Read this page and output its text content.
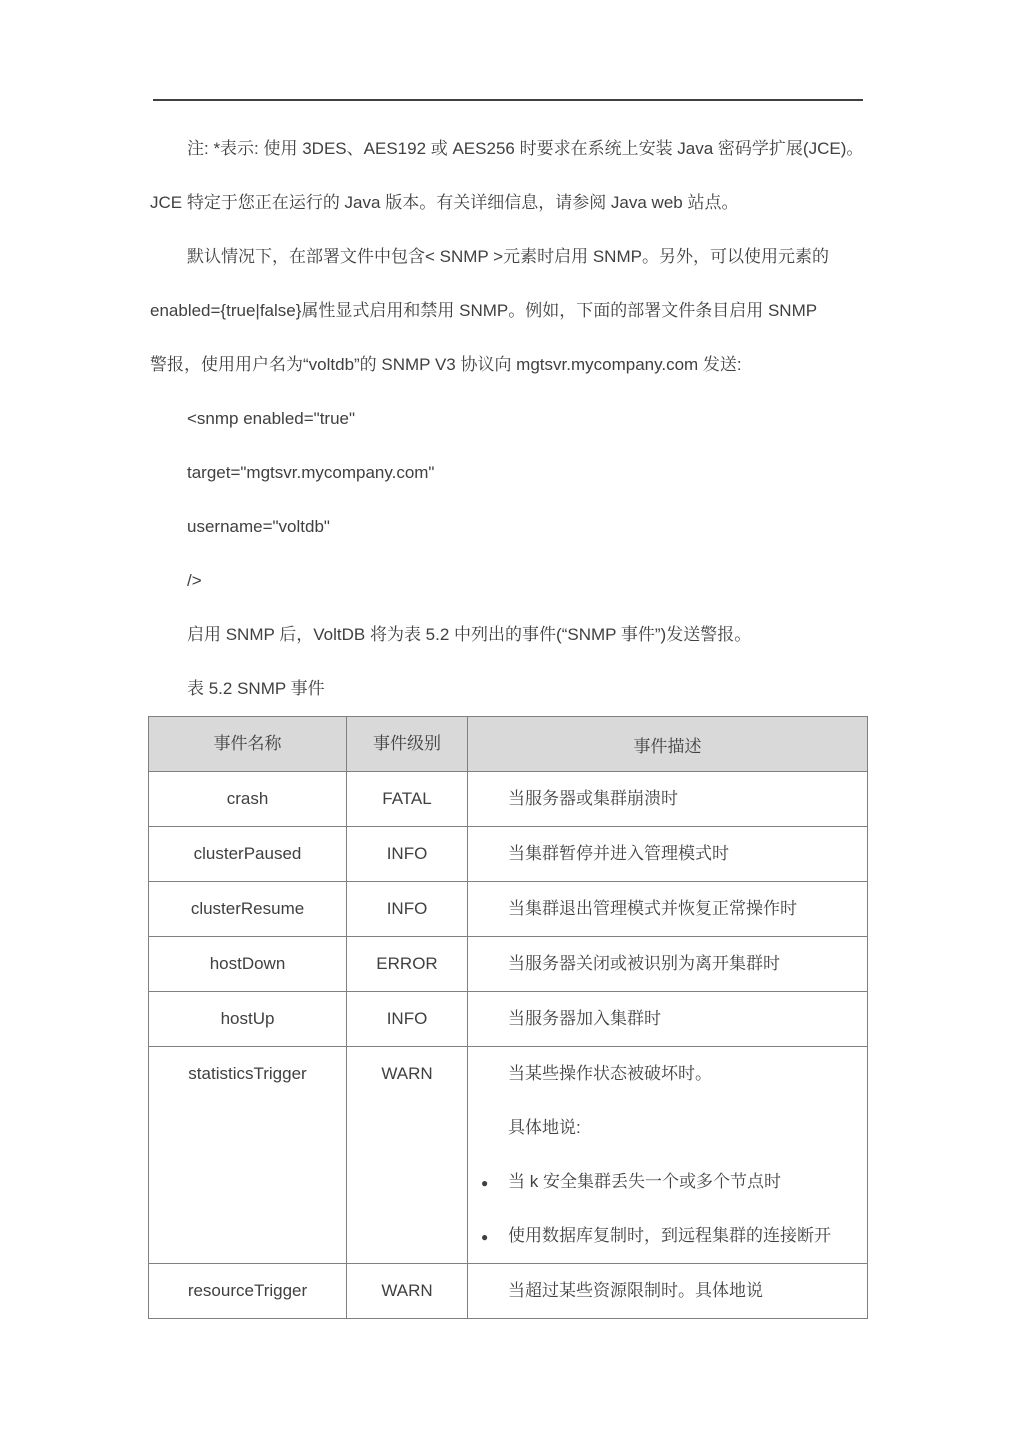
注: *表示: 使用 3DES、AES192 或 AES256 时要求在系统上安装 Java 密码学扩展(JCE)。
JCE 特定于您正在运行的 Java 版本。有关详细信息，请参阅 Java web 站点。
默认情况下，在部署文件中包含< SNMP >元素时启用 SNMP。另外，可以使用元素的
enabled={true|false}属性显式启用和禁用 SNMP。例如，下面的部署文件条目启用 SNMP
警报，使用用户名为“voltdb”的 SNMP V3 协议向 mgtsvr.mycompany.com 发送:
<snmp enabled="true"
target="mgtsvr.mycompany.com"
username="voltdb"
/>
启用 SNMP 后，VoltDB 将为表 5.2 中列出的事件(“SNMP 事件”)发送警报。
表 5.2 SNMP 事件
事件名称	事件级别	事件描述
crash	FATAL	当服务器或集群崩溃时

clusterPaused	INFO	当集群暂停并进入管理模式时

clusterResume	INFO	当集群退出管理模式并恢复正常操作时

hostDown	ERROR	当服务器关闭或被识别为离开集群时

hostUp	INFO	当服务器加入集群时

statisticsTrigger	WARN	当某些操作状态被破坏时。
具体地说:
● 当 k 安全集群丢失一个或多个节点时
● 使用数据库复制时，到远程集群的连接断开

resourceTrigger	WARN	当超过某些资源限制时。具体地说
